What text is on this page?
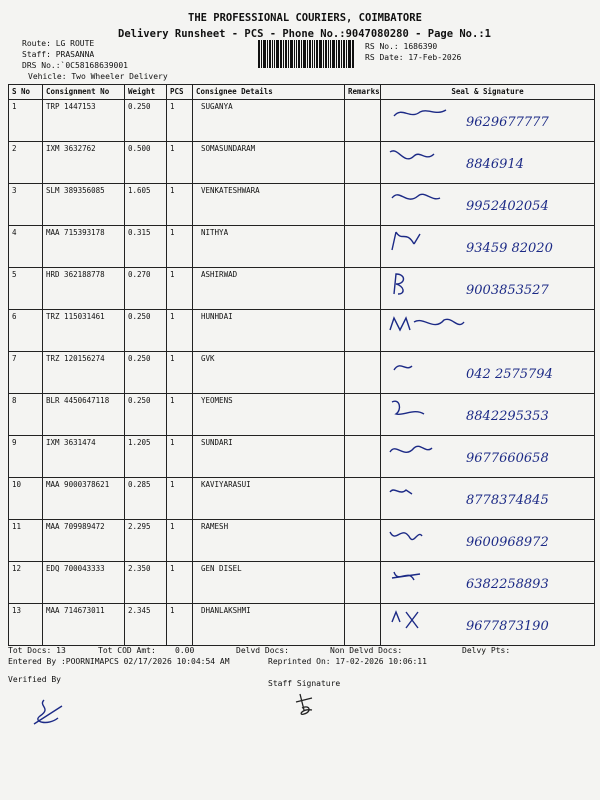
THE PROFESSIONAL COURIERS, COIMBATORE
Delivery Runsheet - PCS - Phone No.:9047080280 - Page No.:1
Route: LG ROUTE
Staff: PRASANNA
DRS No.:`0C58168639001
Vehicle: Two Wheeler Delivery
RS No.: 1686390
RS Date: 17-Feb-2026
S No	Consignment No	Weight	PCS	Consignee Details	Remarks	Seal & Signature
1	TRP 1447153	0.250	1	SUGANYA		9629677777

2	IXM 3632762	0.500	1	SOMASUNDARAM		8846914

3	SLM 389356085	1.605	1	VENKATESHWARA		9952402054

4	MAA 715393178	0.315	1	NITHYA		93459 82020

5	HRD 362188778	0.270	1	ASHIRWAD		9003853527

6	TRZ 115031461	0.250	1	HUNHDAI		

7	TRZ 120156274	0.250	1	GVK		042 2575794

8	BLR 4450647118	0.250	1	YEOMENS		8842295353

9	IXM 3631474	1.205	1	SUNDARI		9677660658

10	MAA 9000378621	0.285	1	KAVIYARASUI		8778374845

11	MAA 709989472	2.295	1	RAMESH		9600968972

12	EDQ 700043333	2.350	1	GEN DISEL		6382258893

13	MAA 714673011	2.345	1	DHANLAKSHMI		9677873190
Tot Docs: 13	Tot COD Amt: 0.00	Delvd Docs:	Non Delvd Docs:	Delvy Pts:
Entered By :POORNIMAPCS 02/17/2026 10:04:54 AM	Reprinted On: 17-02-2026 10:06:11
Verified By	Staff Signature
